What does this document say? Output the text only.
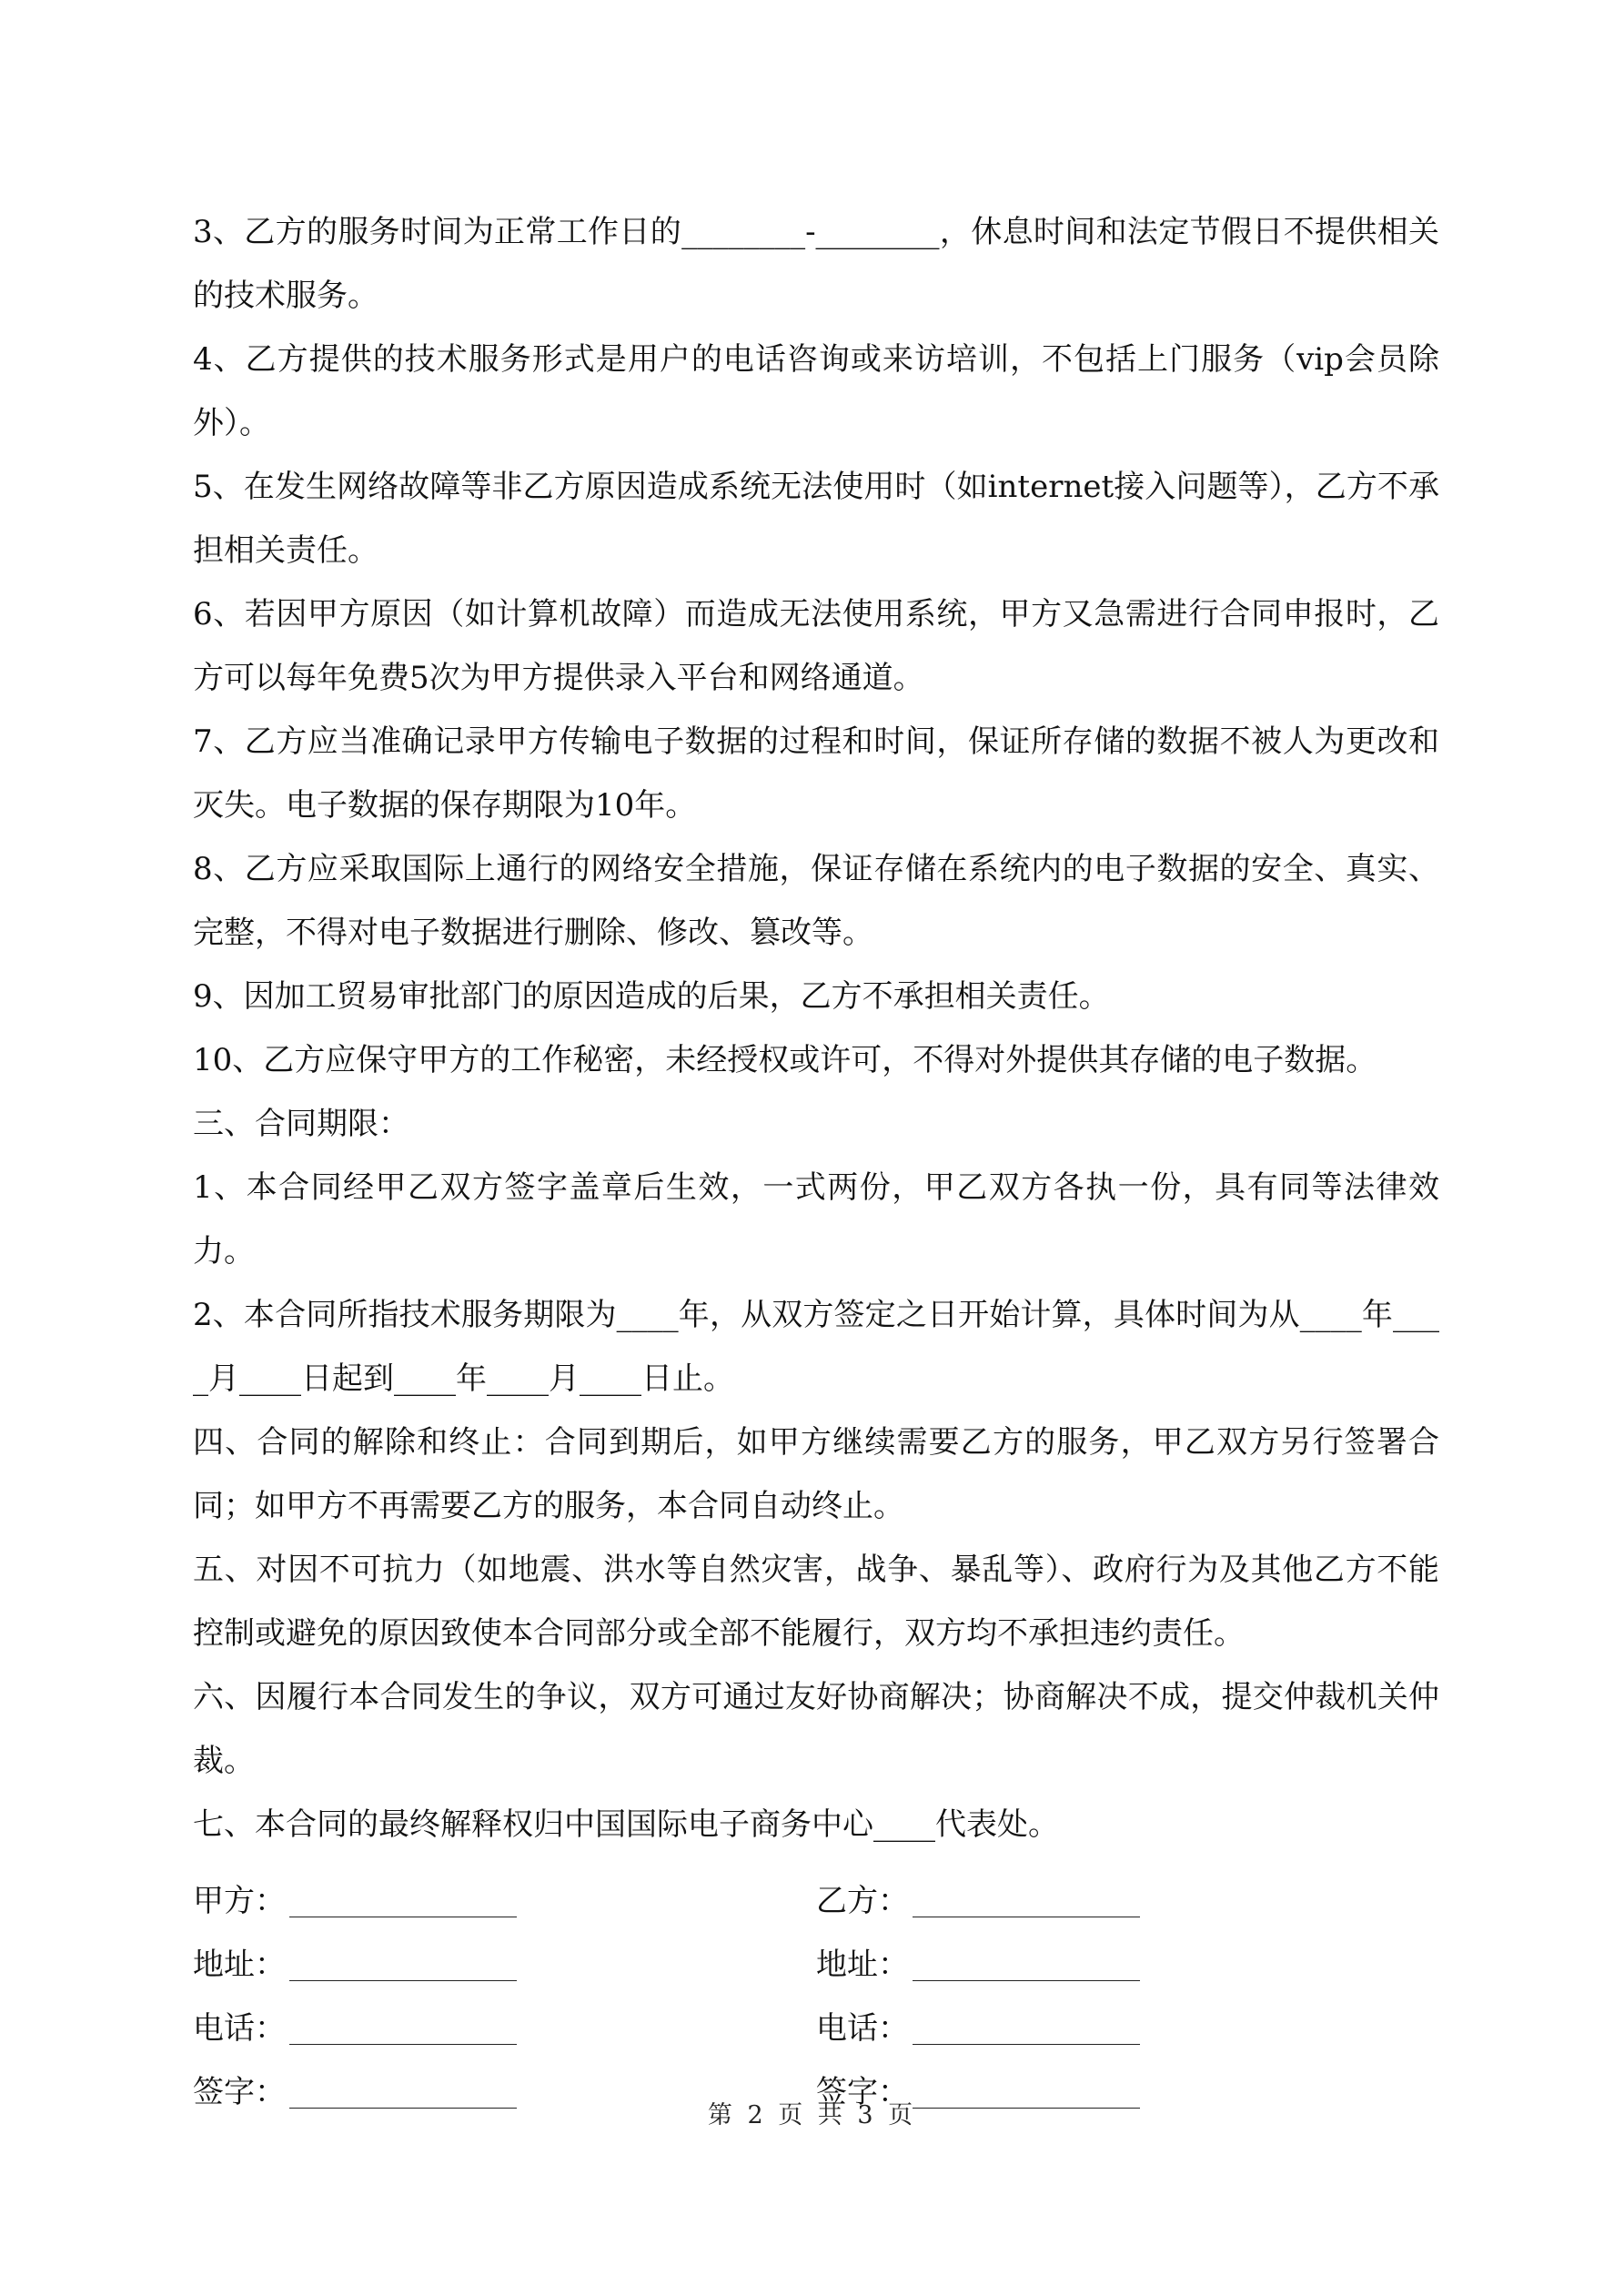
3、乙方的服务时间为正常工作日的________-________，休息时间和法定节假日不提供相关的技术服务。

4、乙方提供的技术服务形式是用户的电话咨询或来访培训，不包括上门服务（vip会员除外）。

5、在发生网络故障等非乙方原因造成系统无法使用时（如internet接入问题等），乙方不承担相关责任。

6、若因甲方原因（如计算机故障）而造成无法使用系统，甲方又急需进行合同申报时，乙方可以每年免费5次为甲方提供录入平台和网络通道。

7、乙方应当准确记录甲方传输电子数据的过程和时间，保证所存储的数据不被人为更改和灭失。电子数据的保存期限为10年。

8、乙方应采取国际上通行的网络安全措施，保证存储在系统内的电子数据的安全、真实、完整，不得对电子数据进行删除、修改、篡改等。

9、因加工贸易审批部门的原因造成的后果，乙方不承担相关责任。

10、乙方应保守甲方的工作秘密，未经授权或许可，不得对外提供其存储的电子数据。

三、合同期限：

1、本合同经甲乙双方签字盖章后生效，一式两份，甲乙双方各执一份，具有同等法律效力。

2、本合同所指技术服务期限为____年，从双方签定之日开始计算，具体时间为从____年____月____日起到____年____月____日止。

四、合同的解除和终止：合同到期后，如甲方继续需要乙方的服务，甲乙双方另行签署合同；如甲方不再需要乙方的服务，本合同自动终止。

五、对因不可抗力（如地震、洪水等自然灾害，战争、暴乱等）、政府行为及其他乙方不能控制或避免的原因致使本合同部分或全部不能履行，双方均不承担违约责任。

六、因履行本合同发生的争议，双方可通过友好协商解决；协商解决不成，提交仲裁机关仲裁。

七、本合同的最终解释权归中国国际电子商务中心____代表处。

甲方：	乙方：
地址：	地址：
电话：	电话：
签字：	签字：
第 2 页 共 3 页
